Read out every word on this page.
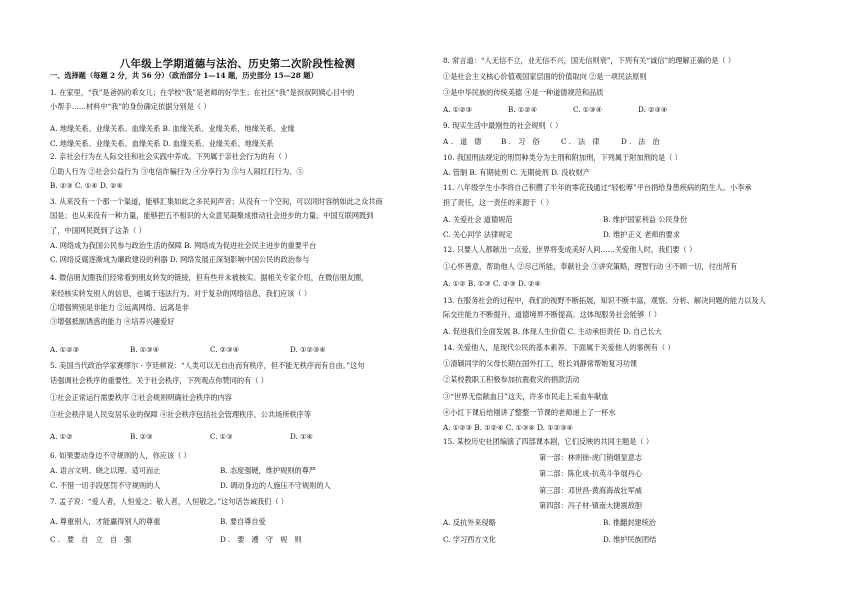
八年级上学期道德与法治、历史第二次阶段性检测
一、选择题（每题 2 分，共 56 分）（政治部分 1—14 题，历史部分 15—28 题）
1. 在家里，“我”是爸妈的乖女儿；在学校“我”是老师的好学生；在社区“我”是叔叔阿姨心目中的
小帮手……材料中“我”的身份确定依据分别是（ ）
A. 地缘关系、业缘关系、血缘关系 B. 血缘关系、业缘关系、地缘关系、业缘
C. 地缘关系、业缘关系、血缘关系 D. 血缘关系、业缘关系、地缘关系
2. 亲社会行为在人际交往和社会实践中养成。下列属于亲社会行为的有（ ）
①助人行为 ②社会公益行为 ③电信诈骗行为 ④分享行为 ⑤与人闹红打行为、⑤
B. ②③ C. ①④ D. ②④
3. 从来没有一个那一个渠道，能够汇集如此之多民间声音；从没有一个空间，可以同时容纳如此之众共商
国是；也从来没有一种力量，能够把五不相识的大众意见凝聚成推动社会进步的力量。中国互联网既到
了，中国网民既到了这条（ ）
A. 网络成为我国公民参与政治生活的保障 B. 网络成为促进社会民主进步的重要平台
C. 网络反腐逐渐成为廉政建设的利器 D. 网络发展正深刻影响中国公民的政治参与
4. 微信朋友圈我们经常看到朋友转发的链接，但有些并未被核实。据相关专家介绍，在微信朋友圈，
来经核实转发别人的信息，也属于违法行为。对于复杂的网络信息，我们应该（ ）
①增强辨别是非能力 ②远离网络、远离是非
③增强抵制诱惑的能力 ④培养兴趣爱好
5. 美国当代政治学家赛缪尔 · 亨廷顿说：“人类可以无自由而有秩序，但不能无秩序而有自由。”这句
话强调社会秩序的重要性。关于社会秩序，下列观点你赞同的有（ ）
①社会正常运行需要秩序 ②社会规则明确社会秩序的内容
③社会秩序是人民安居乐业的保障 ④社会秩序包括社会管理秩序、公共场所秩序等
6. 如果要动身边不守规则的人，你应该（ ）
7. 孟子说：“爱人者，人恒爱之；敬人者，人恒敬之。”这句话告诫我们（ ）
A. ①②③	B. ①③④	C. ②③④	D. ①②③④
A. ①②	B. ②③	C. ①③	D. ①④
A. 语言文明、晓之以理、适可而止	B. 态度强硬，维护规则的尊严
C. 不惜一切手段惩罚不守规则的人	D. 调动身边的人施压不守规则的人
A. 尊重别人，才能赢得别人的尊重	B. 要自尊自爱
C. 要 自 立 自 强	D. 要 遵 守 规 则
8. 常言道：“人无信不立，业无信不兴，国无信则衰”，下列有关“诚信”的理解正确的是（ ）
①是社会主义核心价值观国家层面的价值取向 ②是一项民法原则
③是中华民族的传统美德 ④是一种道德规范和品质
9. 现实生活中最刚性的社会规则（ ）
10. 我国刑法规定的刑罚种类分为主刑和附加刑，下列属于附加刑的是（ ）
A. 管制 B. 有期徒刑 C. 无期徒刑 D. 没收财产
11. 八年级学生小李将自己积攒了半年的零花钱通过“轻松筹”平台捐给身患疾病的陌生人。小李承
担了责任，这一责任的来源于（ ）
12. 只要人人都献出一点爱，世界将变成美好人间……关爱他人时，我们要（ ）
①心怀善意，帮助他人 ②尽己所能，奉献社会 ③讲究策略，理智行动 ④不顾一切，付出所有
A. ①② B. ①③ C. ②③ D. ②④
13. 在服务社会的过程中，我们的视野不断拓展，知识不断丰富，观察、分析、解决问题的能力以及人
际交往能力不断提升，道德境界不断提高。这体现服务社会能够（ ）
A. 促进我们全面发展 B. 体现人生价值 C. 主动承担责任 D. 自己长大
14. 关爱他人，是现代公民的基本素养。下面属于关爱他人的事例有（ ）
①清颖同学的父母长期在国外打工，班长刘静常帮她复习功课
②某校教职工积极参加抗震救灾的捐款活动
③“世界无偿献血日”这天，许多市民走上采血车献血
④小红下课后给刚讲了整整一节课的老师递上了一杯水
A. ①②③ B. ①②④ C. ①③④ D. ①②③④
15. 某校历史社团编演了四部课本剧，它们反映的共同主题是（ ）
第一部：林则徐-虎门销烟显意志
第二部：陈化成-抗英斗争展丹心
第三部：邓世昌-黄海海战壮军威
第四部：冯子材-镇南大捷震敌胆
A. ①②③	B. ①②④	C. ①③④	D. ②③④
A. 道 德 B. 习 俗	C. 法 律	D. 法 治
A. 关爱社会 道德规范	B. 维护国家利益 公民身份
C. 关心同学 法律规定	D. 维护正义 老师的要求
A. 反抗外来侵略	B. 推翻封建统治
C. 学习西方文化	D. 维护民族团结
